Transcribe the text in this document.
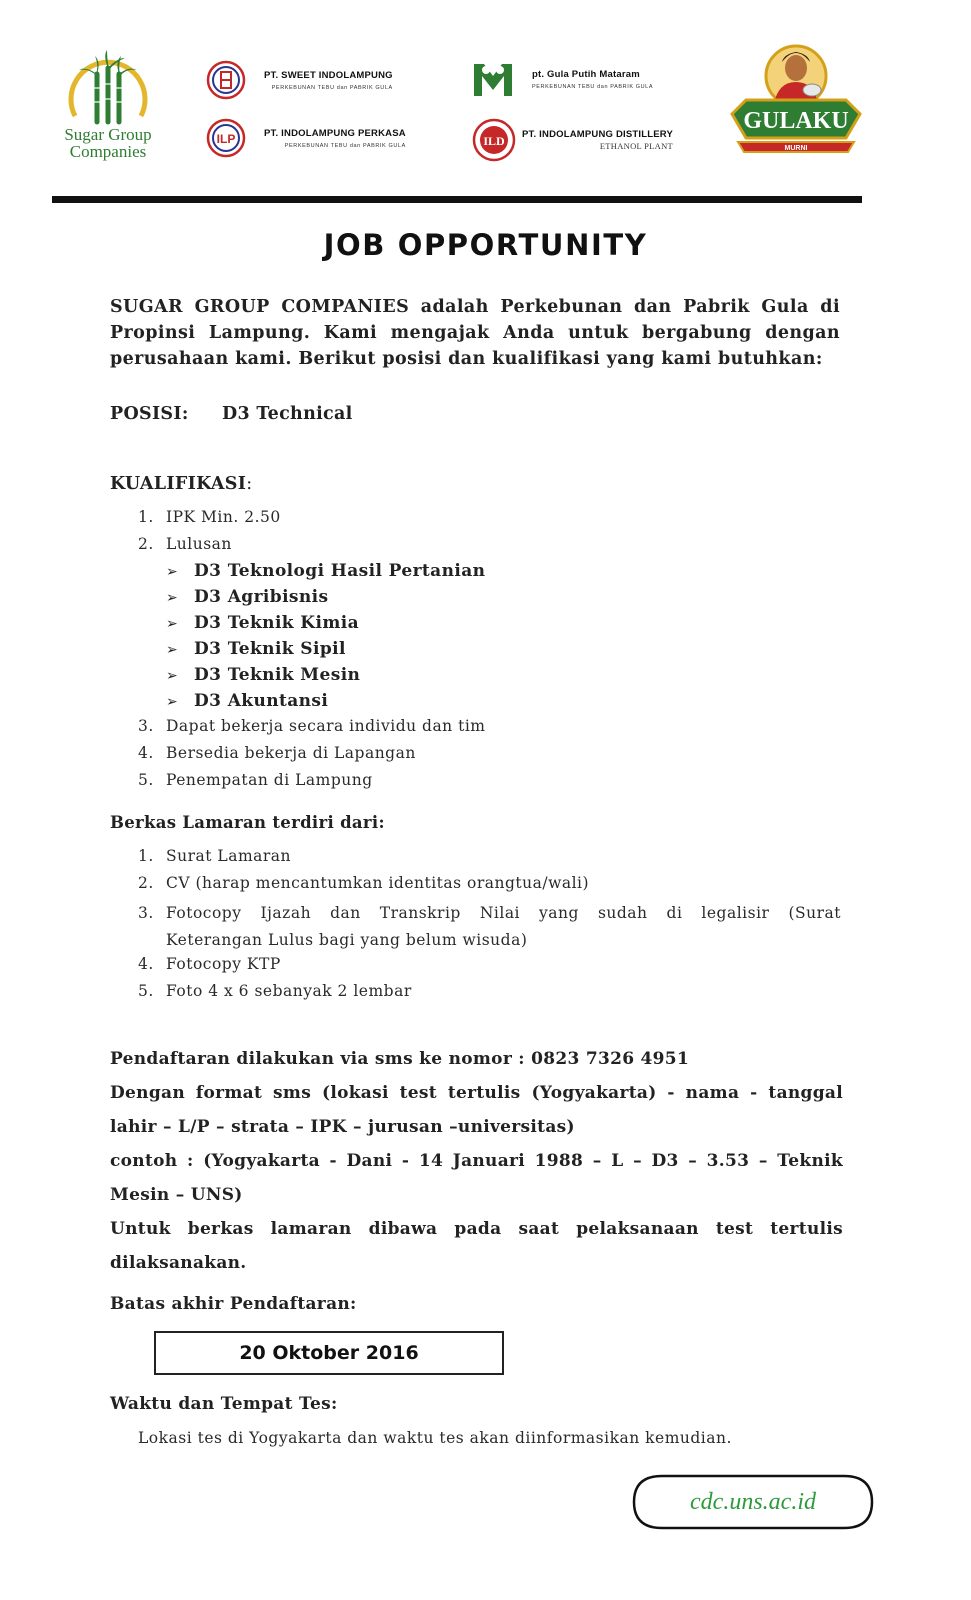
Sugar Group
Companies
PT. SWEET INDOLAMPUNG
PERKEBUNAN TEBU dan PABRIK GULA
ILP	PT. INDOLAMPUNG PERKASA
PERKEBUNAN TEBU dan PABRIK GULA
pt. Gula Putih Mataram
PERKEBUNAN TEBU dan PABRIK GULA
ILD PT. INDOLAMPUNG DISTILLERY
ETHANOL PLANT
GULAKU
MURNI
JOB OPPORTUNITY
SUGAR GROUP COMPANIES adalah Perkebunan dan Pabrik Gula di Propinsi Lampung. Kami mengajak Anda untuk bergabung dengan perusahaan kami. Berikut posisi dan kualifikasi yang kami butuhkan:
POSISI: D3 Technical
KUALIFIKASI:
1. IPK Min. 2.50
2. Lulusan
➢ D3 Teknologi Hasil Pertanian
➢ D3 Agribisnis
➢ D3 Teknik Kimia
➢ D3 Teknik Sipil
➢ D3 Teknik Mesin
➢ D3 Akuntansi
3. Dapat bekerja secara individu dan tim
4. Bersedia bekerja di Lapangan
5. Penempatan di Lampung
Berkas Lamaran terdiri dari:
1. Surat Lamaran
2. CV (harap mencantumkan identitas orangtua/wali)
3. Fotocopy Ijazah dan Transkrip Nilai yang sudah di legalisir (Surat
Keterangan Lulus bagi yang belum wisuda)
4. Fotocopy KTP
5. Foto 4 x 6 sebanyak 2 lembar

Pendaftaran dilakukan via sms ke nomor : 0823 7326 4951

Dengan format sms (lokasi test tertulis (Yogyakarta) - nama - tanggal lahir – L/P – strata – IPK – jurusan –universitas)

contoh : (Yogyakarta - Dani - 14 Januari 1988 – L – D3 – 3.53 – Teknik Mesin – UNS)

Untuk berkas lamaran dibawa pada saat pelaksanaan test tertulis dilaksanakan.

Batas akhir Pendaftaran:
20 Oktober 2016
Waktu dan Tempat Tes:
Lokasi tes di Yogyakarta dan waktu tes akan diinformasikan kemudian.
cdc.uns.ac.id
